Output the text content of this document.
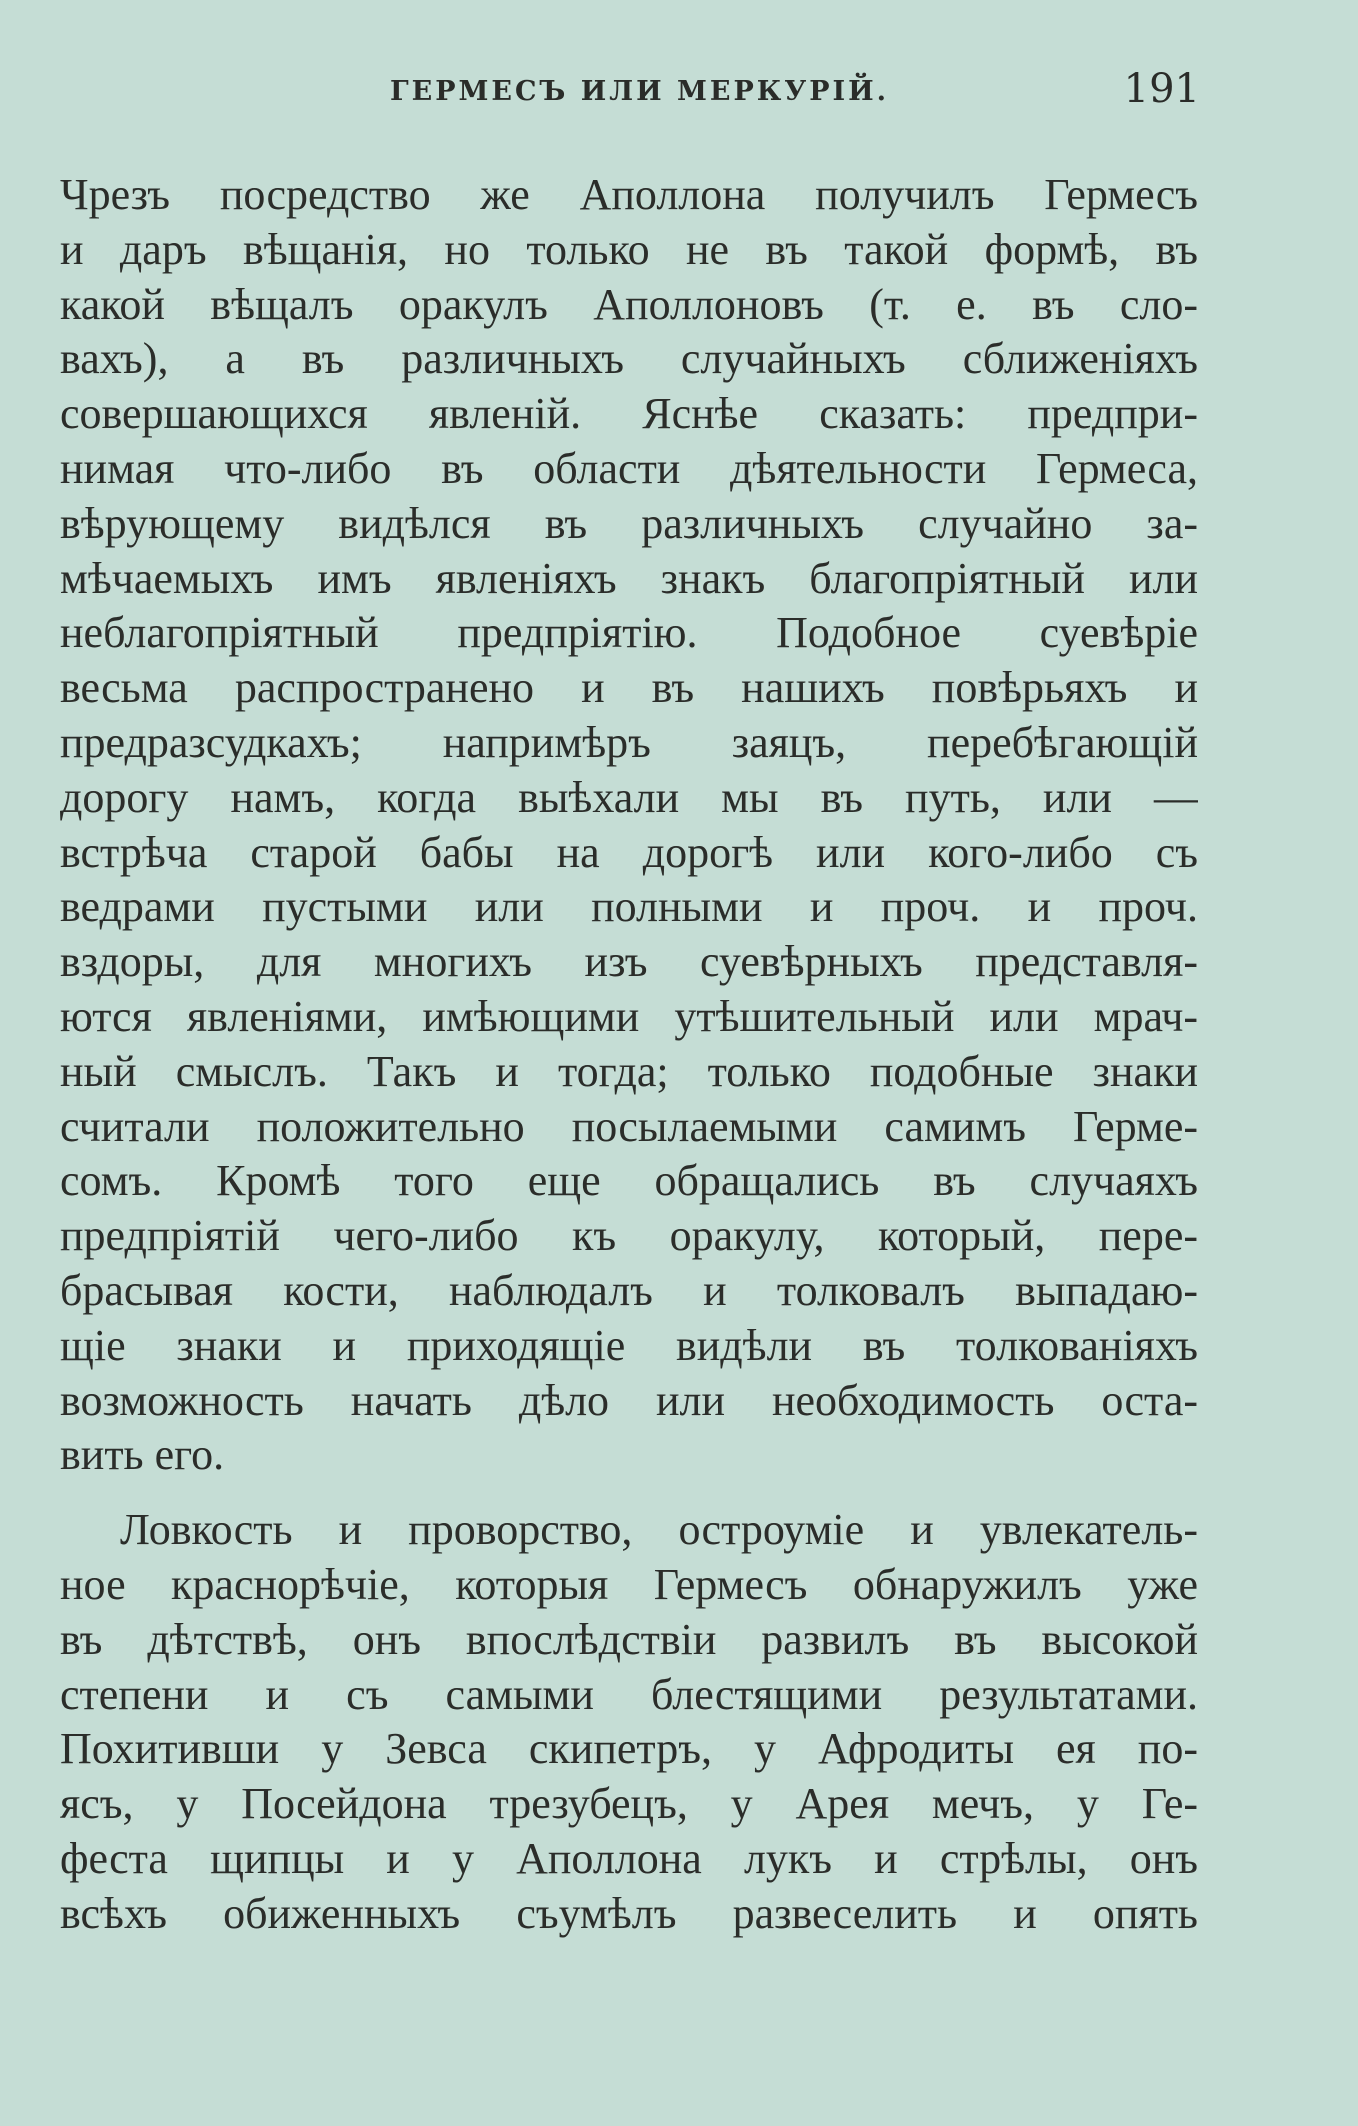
ГЕРМЕСЪ ИЛИ МЕРКУРІЙ.	191
Чрезъ посредство же Аполлона получилъ Гермесъ
и даръ вѣщанія, но только не въ такой формѣ, въ
какой вѣщалъ оракулъ Аполлоновъ (т. е. въ сло-
вахъ), а въ различныхъ случайныхъ сближеніяхъ
совершающихся явленій. Яснѣе сказать: предпри-
нимая что-либо въ области дѣятельности Гермеса,
вѣрующему видѣлся въ различныхъ случайно за-
мѣчаемыхъ имъ явленіяхъ знакъ благопріятный или
неблагопріятный предпріятію. Подобное суевѣріе
весьма распространено и въ нашихъ повѣрьяхъ и
предразсудкахъ; напримѣръ заяцъ, перебѣгающій
дорогу намъ, когда выѣхали мы въ путь, или —
встрѣча старой бабы на дорогѣ или кого-либо съ
ведрами пустыми или полными и проч. и проч.
вздоры, для многихъ изъ суевѣрныхъ представля-
ются явленіями, имѣющими утѣшительный или мрач-
ный смыслъ. Такъ и тогда; только подобные знаки
считали положительно посылаемыми самимъ Герме-
сомъ. Кромѣ того еще обращались въ случаяхъ
предпріятій чего-либо къ оракулу, который, пере-
брасывая кости, наблюдалъ и толковалъ выпадаю-
щіе знаки и приходящіе видѣли въ толкованіяхъ
возможность начать дѣло или необходимость оста-
вить его.
Ловкость и проворство, остроуміе и увлекатель-
ное краснорѣчіе, которыя Гермесъ обнаружилъ уже
въ дѣтствѣ, онъ впослѣдствіи развилъ въ высокой
степени и съ самыми блестящими результатами.
Похитивши у Зевса скипетръ, у Афродиты ея по-
ясъ, у Посейдона трезубецъ, у Арея мечъ, у Ге-
феста щипцы и у Аполлона лукъ и стрѣлы, онъ
всѣхъ обиженныхъ съумѣлъ развеселить и опять
